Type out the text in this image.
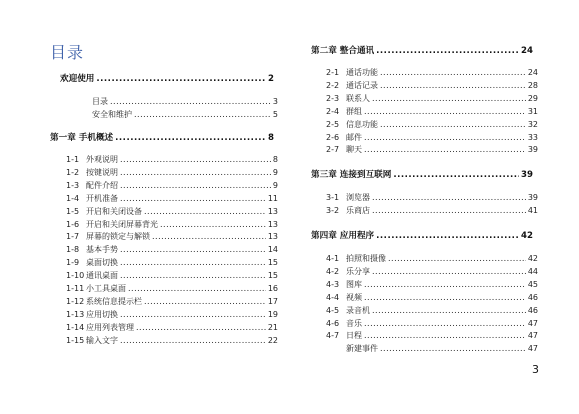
目录
欢迎使用 .....	2
目录 .....	3
安全和维护 .....	5
第一章 手机概述 .....	8
1-1 外观说明 .....	8
1-2 按键说明 .....	9
1-3 配件介绍 .....	9
1-4 开机准备 .....	11
1-5 开启和关闭设备 .....	13
1-6 开启和关闭屏幕背光 .....	13
1-7 屏幕的锁定与解锁 .....	13
1-8 基本手势 .....	14
1-9 桌面切换 .....	15
1-10 通讯桌面 .....	15
1-11 小工具桌面 .....	16
1-12 系统信息提示栏 .....	17
1-13 应用切换 .....	19
1-14 应用列表管理 .....	21
1-15 输入文字 .....	22
第二章 整合通讯 .....	24
2-1 通话功能 .....	24
2-2 通话记录 .....	28
2-3 联系人 .....	29
2-4 群组 .....	31
2-5 信息功能 .....	32
2-6 邮件 .....	33
2-7 聊天 .....	39
第三章 连接到互联网 .....	39
3-1 浏览器 .....	39
3-2 乐商店 .....	41
第四章 应用程序 .....	42
4-1 拍照和摄像 .....	42
4-2 乐分享 .....	44
4-3 图库 .....	45
4-4 视频 .....	46
4-5 录音机 .....	46
4-6 音乐 .....	47
4-7 日程 .....	47
新建事件 .....	47
3
